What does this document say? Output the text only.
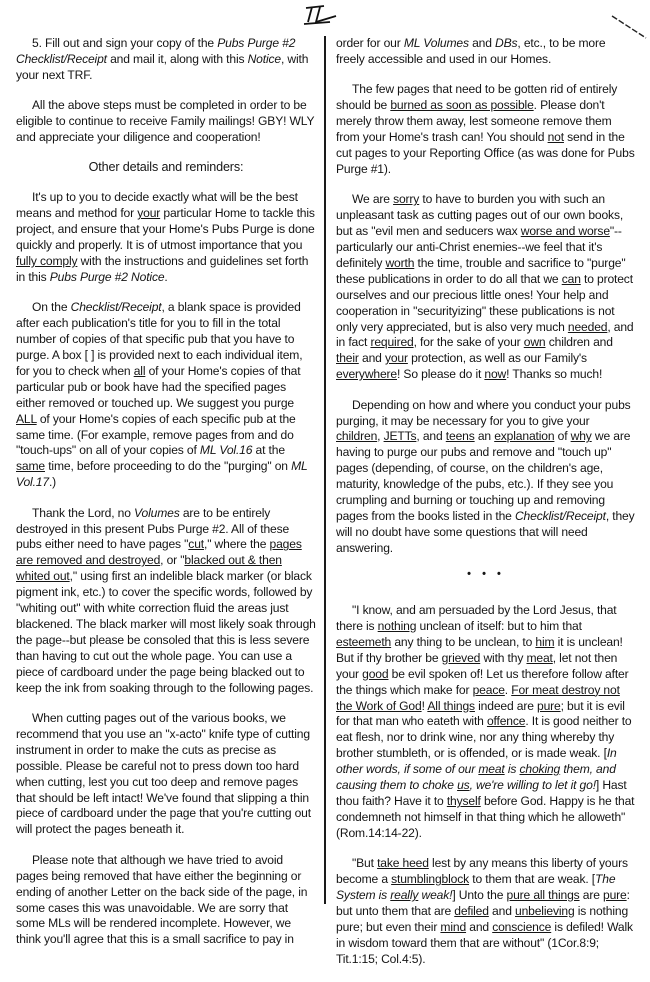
5. Fill out and sign your copy of the Pubs Purge #2 Checklist/Receipt and mail it, along with this Notice, with your next TRF.

All the above steps must be completed in order to be eligible to continue to receive Family mailings! GBY! WLY and appreciate your diligence and cooperation!

Other details and reminders:

It's up to you to decide exactly what will be the best means and method for your particular Home to tackle this project, and ensure that your Home's Pubs Purge is done quickly and properly. It is of utmost importance that you fully comply with the instructions and guidelines set forth in this Pubs Purge #2 Notice.

On the Checklist/Receipt, a blank space is provided after each publication's title for you to fill in the total number of copies of that specific pub that you have to purge. A box [ ] is provided next to each individual item, for you to check when all of your Home's copies of that particular pub or book have had the specified pages either removed or touched up. We suggest you purge ALL of your Home's copies of each specific pub at the same time. (For example, remove pages from and do "touch-ups" on all of your copies of ML Vol.16 at the same time, before proceeding to do the "purging" on ML Vol.17.)

Thank the Lord, no Volumes are to be entirely destroyed in this present Pubs Purge #2. All of these pubs either need to have pages "cut," where the pages are removed and destroyed, or "blacked out & then whited out," using first an indelible black marker (or black pigment ink, etc.) to cover the specific words, followed by "whiting out" with white correction fluid the areas just blackened. The black marker will most likely soak through the page--but please be consoled that this is less severe than having to cut out the whole page. You can use a piece of cardboard under the page being blacked out to keep the ink from soaking through to the following pages.

When cutting pages out of the various books, we recommend that you use an "x-acto" knife type of cutting instrument in order to make the cuts as precise as possible. Please be careful not to press down too hard when cutting, lest you cut too deep and remove pages that should be left intact! We've found that slipping a thin piece of cardboard under the page that you're cutting out will protect the pages beneath it.

Please note that although we have tried to avoid pages being removed that have either the beginning or ending of another Letter on the back side of the page, in some cases this was unavoidable. We are sorry that some MLs will be rendered incomplete. However, we think you'll agree that this is a small sacrifice to pay in

order for our ML Volumes and DBs, etc., to be more freely accessible and used in our Homes.

The few pages that need to be gotten rid of entirely should be burned as soon as possible. Please don't merely throw them away, lest someone remove them from your Home's trash can! You should not send in the cut pages to your Reporting Office (as was done for Pubs Purge #1).

We are sorry to have to burden you with such an unpleasant task as cutting pages out of our own books, but as "evil men and seducers wax worse and worse"--particularly our anti-Christ enemies--we feel that it's definitely worth the time, trouble and sacrifice to "purge" these publications in order to do all that we can to protect ourselves and our precious little ones! Your help and cooperation in "securityizing" these publications is not only very appreciated, but is also very much needed, and in fact required, for the sake of your own children and their and your protection, as well as our Family's everywhere! So please do it now! Thanks so much!

Depending on how and where you conduct your pubs purging, it may be necessary for you to give your children, JETTs, and teens an explanation of why we are having to purge our pubs and remove and "touch up" pages (depending, of course, on the children's age, maturity, knowledge of the pubs, etc.). If they see you crumpling and burning or touching up and removing pages from the books listed in the Checklist/Receipt, they will no doubt have some questions that will need answering.

• • •

"I know, and am persuaded by the Lord Jesus, that there is nothing unclean of itself: but to him that esteemeth any thing to be unclean, to him it is unclean! But if thy brother be grieved with thy meat, let not then your good be evil spoken of! Let us therefore follow after the things which make for peace. For meat destroy not the Work of God! All things indeed are pure; but it is evil for that man who eateth with offence. It is good neither to eat flesh, nor to drink wine, nor any thing whereby thy brother stumbleth, or is offended, or is made weak. [In other words, if some of our meat is choking them, and causing them to choke us, we're willing to let it go!] Hast thou faith? Have it to thyself before God. Happy is he that condemneth not himself in that thing which he alloweth" (Rom.14:14-22).

"But take heed lest by any means this liberty of yours become a stumblingblock to them that are weak. [The System is really weak!] Unto the pure all things are pure: but unto them that are defiled and unbelieving is nothing pure; but even their mind and conscience is defiled! Walk in wisdom toward them that are without" (1Cor.8:9; Tit.1:15; Col.4:5).
